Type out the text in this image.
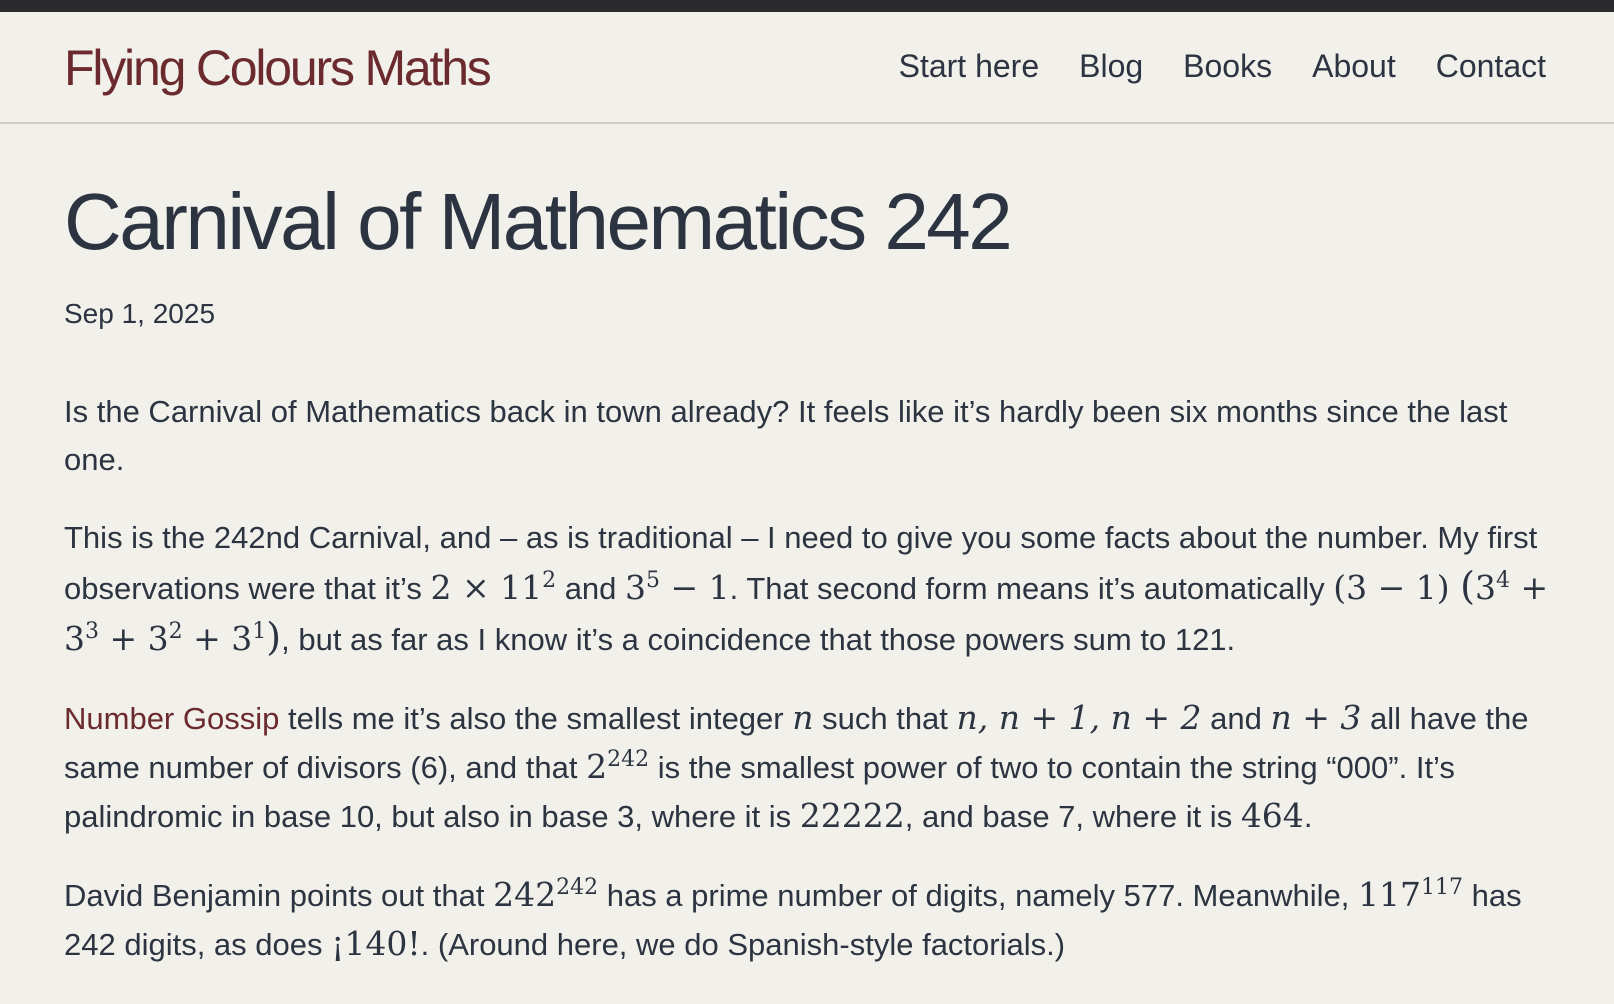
Flying Colours Maths	Start here Blog Books About Contact
Carnival of Mathematics 242
Sep 1, 2025

Is the Carnival of Mathematics back in town already? It feels like it’s hardly been six months since the last one.

This is the 242nd Carnival, and – as is traditional – I need to give you some facts about the number. My first observations were that it’s $2 \times 11^2$ and $3^5 - 1$. That second form means it’s automatically (3 − 1) $(3^4 + 3^3 + 3^2 + 3^1)$, but as far as I know it’s a coincidence that those powers sum to 121.

Number Gossip tells me it’s also the smallest integer n such that n, n + 1, n + 2 and n + 3 all have the same number of divisors (6), and that $2^{242}$ is the smallest power of two to contain the string “000”. It’s palindromic in base 10, but also in base 3, where it is 22222, and base 7, where it is 464.

David Benjamin points out that $242^{242}$ has a prime number of digits, namely 577. Meanwhile, $117^{117}$ has 242 digits, as does ¡140!. (Around here, we do Spanish-style factorials.)
